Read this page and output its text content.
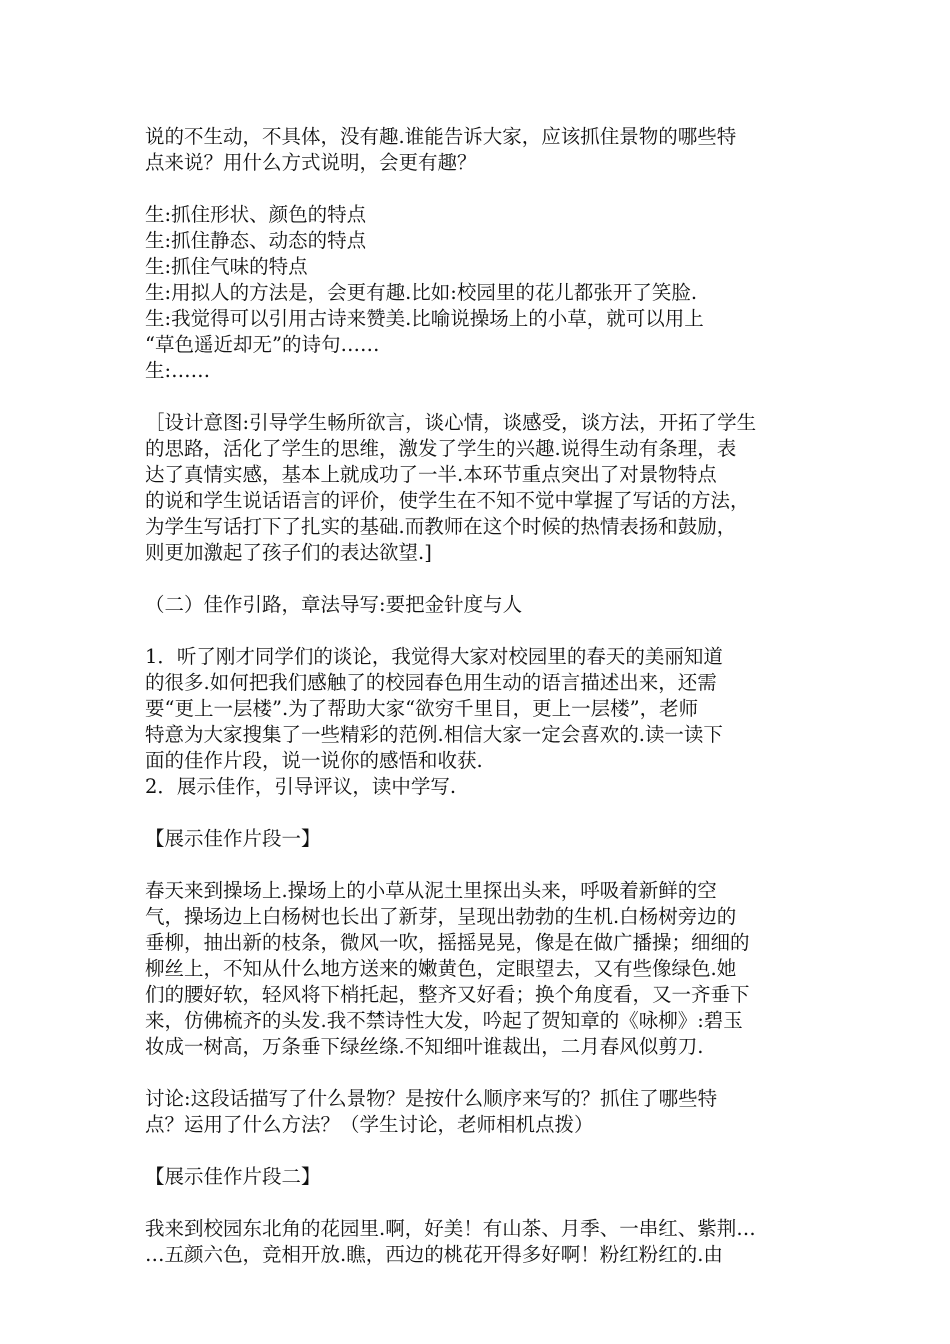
说的不生动，不具体，没有趣.谁能告诉大家，应该抓住景物的哪些特

点来说？用什么方式说明，会更有趣？

生:抓住形状、颜色的特点

生:抓住静态、动态的特点

生:抓住气味的特点

生:用拟人的方法是，会更有趣.比如:校园里的花儿都张开了笑脸.

生:我觉得可以引用古诗来赞美.比喻说操场上的小草，就可以用上

“草色遥近却无”的诗句……

生:……

［设计意图:引导学生畅所欲言，谈心情，谈感受，谈方法，开拓了学生

的思路，活化了学生的思维，激发了学生的兴趣.说得生动有条理，表

达了真情实感，基本上就成功了一半.本环节重点突出了对景物特点

的说和学生说话语言的评价，使学生在不知不觉中掌握了写话的方法，

为学生写话打下了扎实的基础.而教师在这个时候的热情表扬和鼓励，

则更加激起了孩子们的表达欲望.]

（二）佳作引路，章法导写:要把金针度与人

1．听了刚才同学们的谈论，我觉得大家对校园里的春天的美丽知道

的很多.如何把我们感触了的校园春色用生动的语言描述出来，还需

要“更上一层楼”.为了帮助大家“欲穷千里目，更上一层楼”，老师

特意为大家搜集了一些精彩的范例.相信大家一定会喜欢的.读一读下

面的佳作片段，说一说你的感悟和收获.

2．展示佳作，引导评议，读中学写.

【展示佳作片段一】

春天来到操场上.操场上的小草从泥土里探出头来，呼吸着新鲜的空

气，操场边上白杨树也长出了新芽，呈现出勃勃的生机.白杨树旁边的

垂柳，抽出新的枝条，微风一吹，摇摇晃晃，像是在做广播操；细细的

柳丝上，不知从什么地方送来的嫩黄色，定眼望去，又有些像绿色.她

们的腰好软，轻风将下梢托起，整齐又好看；换个角度看，又一齐垂下

来，仿佛梳齐的头发.我不禁诗性大发，吟起了贺知章的《咏柳》:碧玉

妆成一树高，万条垂下绿丝绦.不知细叶谁裁出，二月春风似剪刀.

讨论:这段话描写了什么景物？是按什么顺序来写的？抓住了哪些特

点？运用了什么方法？（学生讨论，老师相机点拨）

【展示佳作片段二】

我来到校园东北角的花园里.啊，好美！有山茶、月季、一串红、紫荆…

…五颜六色，竞相开放.瞧，西边的桃花开得多好啊！粉红粉红的.由
